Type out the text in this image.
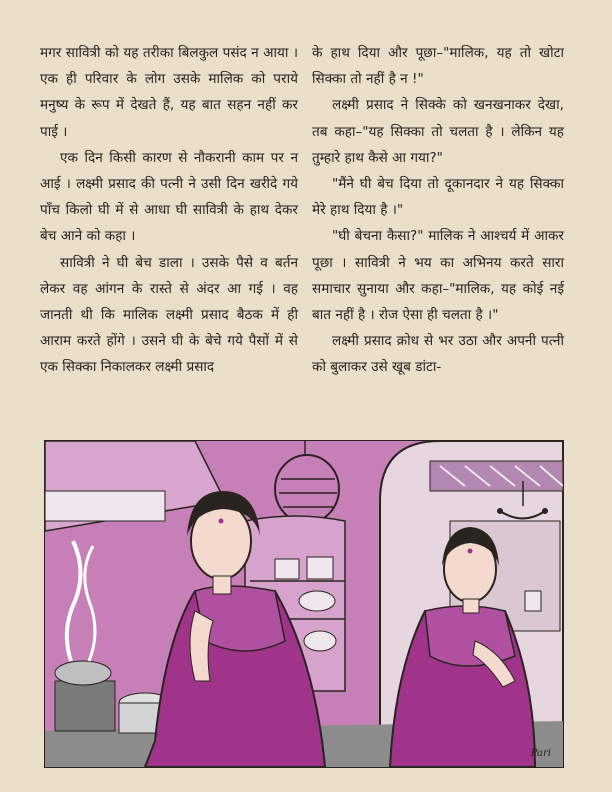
मगर सावित्री को यह तरीका बिलकुल पसंद न आया । एक ही परिवार के लोग उसके मालिक को पराये मनुष्य के रूप में देखते हैं, यह बात सहन नहीं कर पाई ।

एक दिन किसी कारण से नौकरानी काम पर न आई । लक्ष्मी प्रसाद की पत्नी ने उसी दिन खरीदे गये पाँच किलो घी में से आधा घी सावित्री के हाथ देकर बेच आने को कहा ।

सावित्री ने घी बेच डाला । उसके पैसे व बर्तन लेकर वह आंगन के रास्ते से अंदर आ गई । वह जानती थी कि मालिक लक्ष्मी प्रसाद बैठक में ही आराम करते होंगे । उसने घी के बेचे गये पैसों में से एक सिक्का निकालकर लक्ष्मी प्रसाद

के हाथ दिया और पूछा–"मालिक, यह तो खोटा सिक्का तो नहीं है न !"

लक्ष्मी प्रसाद ने सिक्के को खनखनाकर देखा, तब कहा–"यह सिक्का तो चलता है । लेकिन यह तुम्हारे हाथ कैसे आ गया?"

"मैंने घी बेच दिया तो दूकानदार ने यह सिक्का मेरे हाथ दिया है ।"

"घी बेचना कैसा?" मालिक ने आश्चर्य में आकर पूछा । सावित्री ने भय का अभिनय करते सारा समाचार सुनाया और कहा–"मालिक, यह कोई नई बात नहीं है । रोज ऐसा ही चलता है ।"

लक्ष्मी प्रसाद क्रोध से भर उठा और अपनी पत्नी को बुलाकर उसे खूब डांटा-

Pari
